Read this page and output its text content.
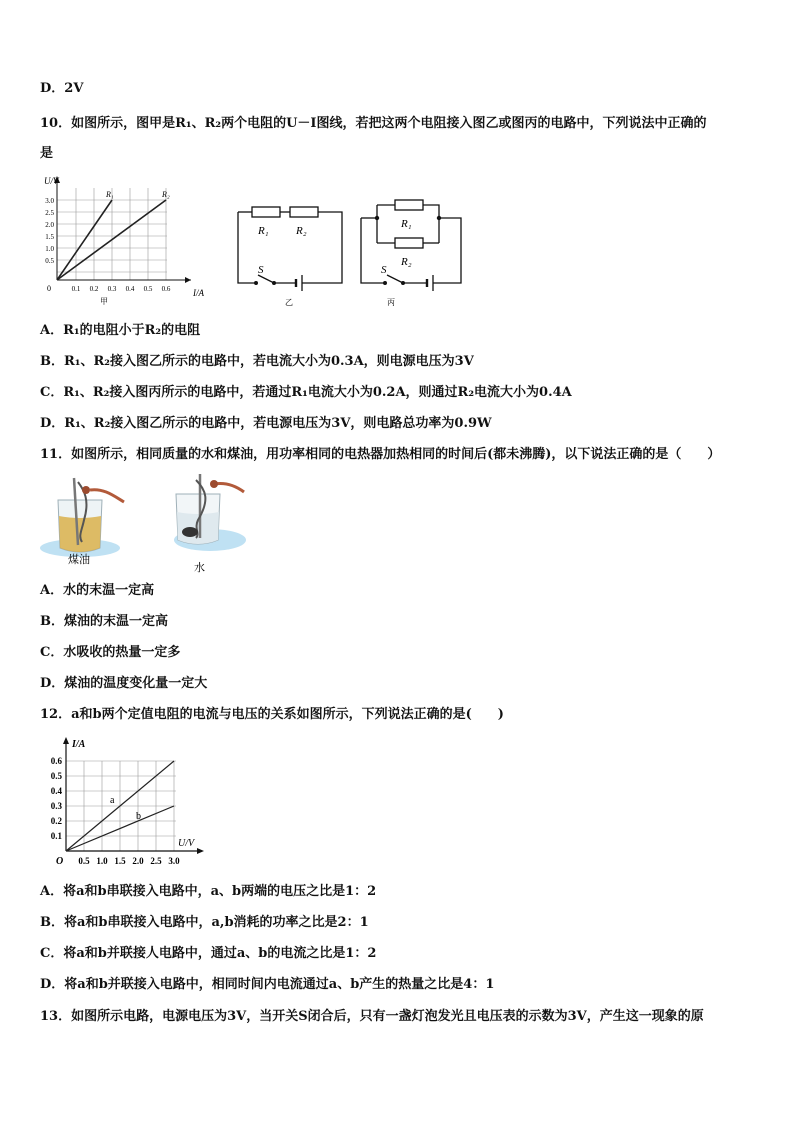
D．2V
10．如图所示，图甲是R₁、R₂两个电阻的U－I图线，若把这两个电阻接入图乙或图丙的电路中，下列说法中正确的
是
U/V
I/A
R₁	R₂
0
3.0
2.5
2.0
1.5
1.0
0.5
0.1 0.2 0.3 0.4 0.5 0.6
甲
R₁ R₂
S
乙
R₁
R₂
S
丙
A．R₁的电阻小于R₂的电阻
B．R₁、R₂接入图乙所示的电路中，若电流大小为0.3A，则电源电压为3V
C．R₁、R₂接入图丙所示的电路中，若通过R₁电流大小为0.2A，则通过R₂电流大小为0.4A
D．R₁、R₂接入图乙所示的电路中，若电源电压为3V，则电路总功率为0.9W
11．如图所示，相同质量的水和煤油，用功率相同的电热器加热相同的时间后(都未沸腾)，以下说法正确的是（　　）
煤油
水
A．水的末温一定高
B．煤油的末温一定高
C．水吸收的热量一定多
D．煤油的温度变化量一定大
12．a和b两个定值电阻的电流与电压的关系如图所示，下列说法正确的是(　　)
I/A
U/V
a
b
O
0.6
0.5
0.4
0.3
0.2
0.1
0.5 1.0 1.5 2.0 2.5 3.0
A．将a和b串联接入电路中，a、b两端的电压之比是1：2
B．将a和b串联接入电路中，a,b消耗的功率之比是2：1
C．将a和b并联接人电路中，通过a、b的电流之比是1：2
D．将a和b并联接入电路中，相同时间内电流通过a、b产生的热量之比是4：1
13．如图所示电路，电源电压为3V，当开关S闭合后，只有一盏灯泡发光且电压表的示数为3V，产生这一现象的原
